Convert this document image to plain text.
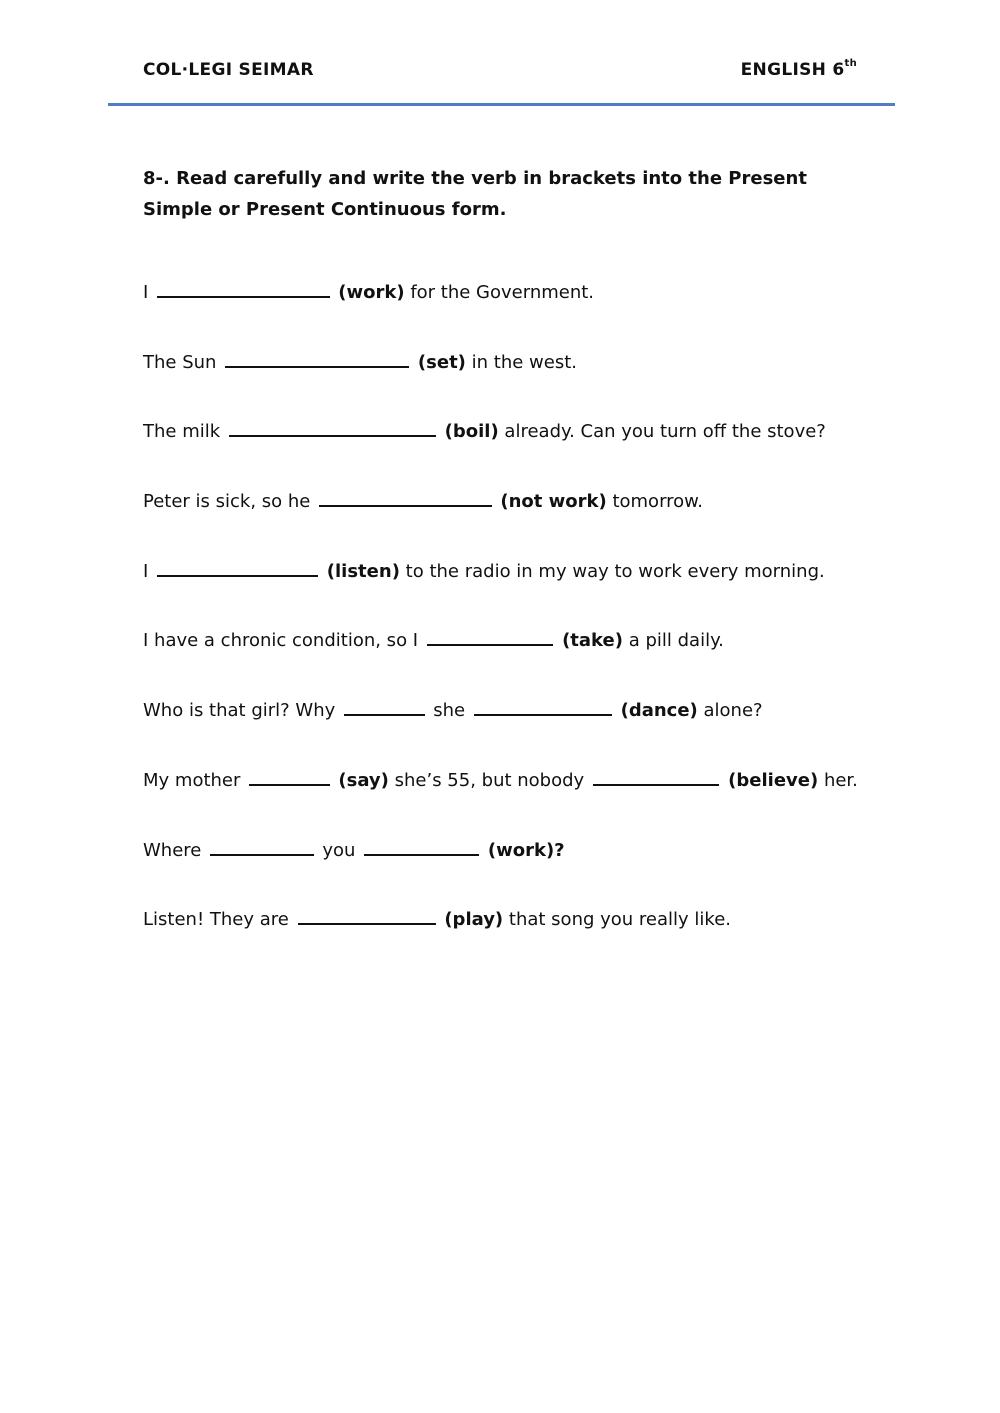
COL·LEGI SEIMAR	ENGLISH 6th
8-. Read carefully and write the verb in brackets into the Present Simple or Present Continuous form.
I	(work) for the Government.
The Sun	(set) in the west.
The milk	(boil) already. Can you turn off the stove?
Peter is sick, so he	(not work) tomorrow.
I	(listen) to the radio in my way to work every morning.
I have a chronic condition, so I	(take) a pill daily.
Who is that girl? Why	she	(dance) alone?
My mother	(say) she’s 55, but nobody	(believe) her.
Where	you	(work)?
Listen! They are	(play) that song you really like.
